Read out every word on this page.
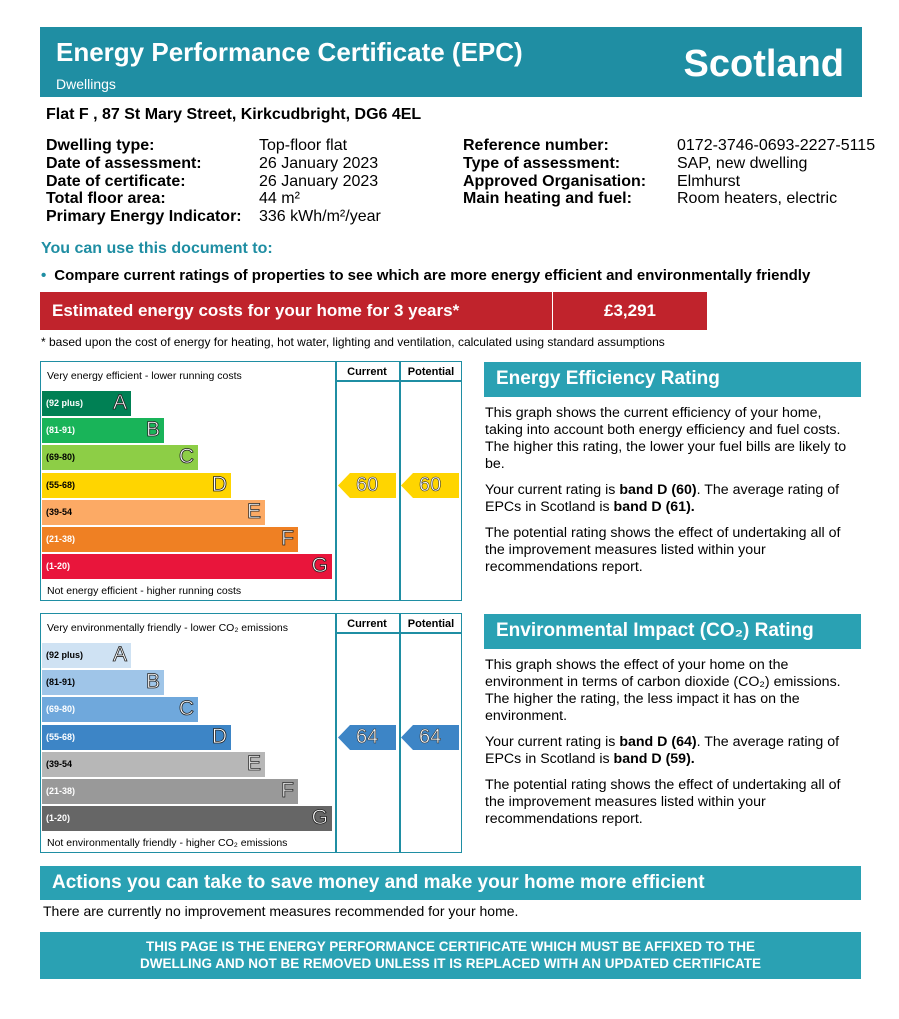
Energy Performance Certificate (EPC)
Dwellings	Scotland
Flat F , 87 St Mary Street, Kirkcudbright, DG6 4EL
Dwelling type:	Top-floor flat
Date of assessment:	26 January 2023
Date of certificate:	26 January 2023
Total floor area:	44 m²
Primary Energy Indicator:	336 kWh/m²/year
Reference number:	0172-3746-0693-2227-5115
Type of assessment:	SAP, new dwelling
Approved Organisation:	Elmhurst
Main heating and fuel:	Room heaters, electric
You can use this document to:
• Compare current ratings of properties to see which are more energy efficient and environmentally friendly
Estimated energy costs for your home for 3 years*	£3,291
* based upon the cost of energy for heating, hot water, lighting and ventilation, calculated using standard assumptions
Current	Potential
Very energy efficient - lower running costs
Not energy efficient - higher running costs
(92 plus) A
(81-91)	B
(69-80)	C
(55-68)	D
(39-54	E
(21-38)	F
(1-20)	G
60 60
Current	Potential
Very environmentally friendly - lower CO₂ emissions
Not environmentally friendly - higher CO₂ emissions
(92 plus) A
(81-91)	B
(69-80)	C
(55-68)	D
(39-54	E
(21-38)	F
(1-20)	G
64 64
Energy Efficiency Rating

This graph shows the current efficiency of your home, taking into account both energy efficiency and fuel costs. The higher this rating, the lower your fuel bills are likely to be.

Your current rating is band D (60). The average rating of EPCs in Scotland is band D (61).

The potential rating shows the effect of undertaking all of the improvement measures listed within your recommendations report.

Environmental Impact (CO₂) Rating

This graph shows the effect of your home on the environment in terms of carbon dioxide (CO₂) emissions. The higher the rating, the less impact it has on the environment.

Your current rating is band D (64). The average rating of EPCs in Scotland is band D (59).

The potential rating shows the effect of undertaking all of the improvement measures listed within your recommendations report.

Actions you can take to save money and make your home more efficient
There are currently no improvement measures recommended for your home.
THIS PAGE IS THE ENERGY PERFORMANCE CERTIFICATE WHICH MUST BE AFFIXED TO THE
DWELLING AND NOT BE REMOVED UNLESS IT IS REPLACED WITH AN UPDATED CERTIFICATE
